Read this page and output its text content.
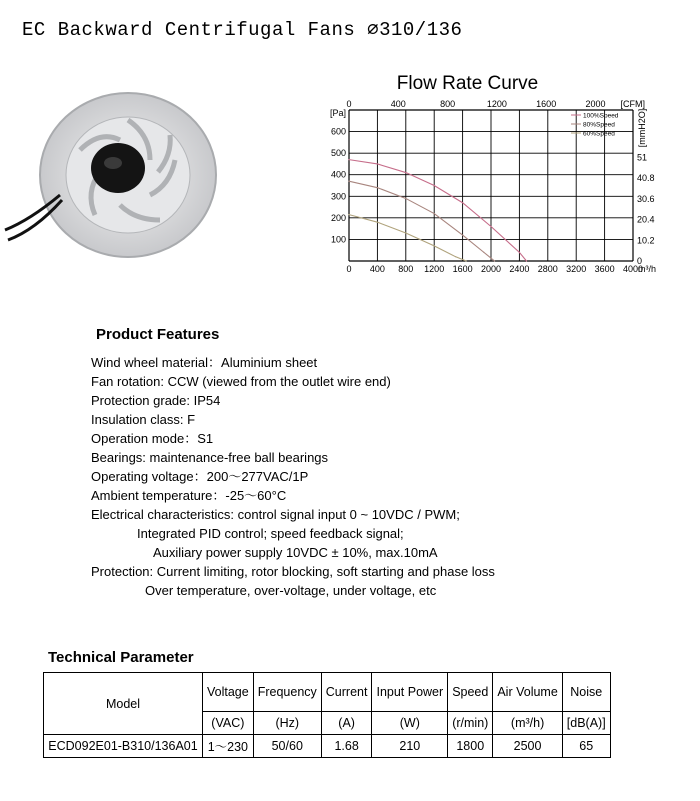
EC Backward Centrifugal Fans ∅310/136
Flow Rate Curve
0 400 800 1200 1600 2000 2400 2800 3200 3600 4000
100
200
300
400
500
600
[Pa]
0
10.2
20.4
30.6
40.8
51
[mmH2O]
0	400	800	1200	1600	2000 [CFM]
m³/h
100%Speed
80%Speed
60%Speed
Product Features
Wind wheel material：Aluminium sheet
Fan rotation: CCW (viewed from the outlet wire end)
Protection grade: IP54
Insulation class: F
Operation mode：S1
Bearings: maintenance-free ball bearings
Operating voltage：200～277VAC/1P
Ambient temperature：-25～60°C
Electrical characteristics: control signal input 0 ~ 10VDC / PWM;
Integrated PID control; speed feedback signal;
Auxiliary power supply 10VDC ± 10%, max.10mA
Protection: Current limiting, rotor blocking, soft starting and phase loss
Over temperature, over-voltage, under voltage, etc
Technical Parameter
Model	Voltage	Frequency	Current	Input Power	Speed	Air Volume	Noise
	(VAC)	(Hz)	(A)	(W)	(r/min)	(m³/h)	[dB(A)]
ECD092E01-B310/136A01	1～230	50/60	1.68	210	1800	2500	65
